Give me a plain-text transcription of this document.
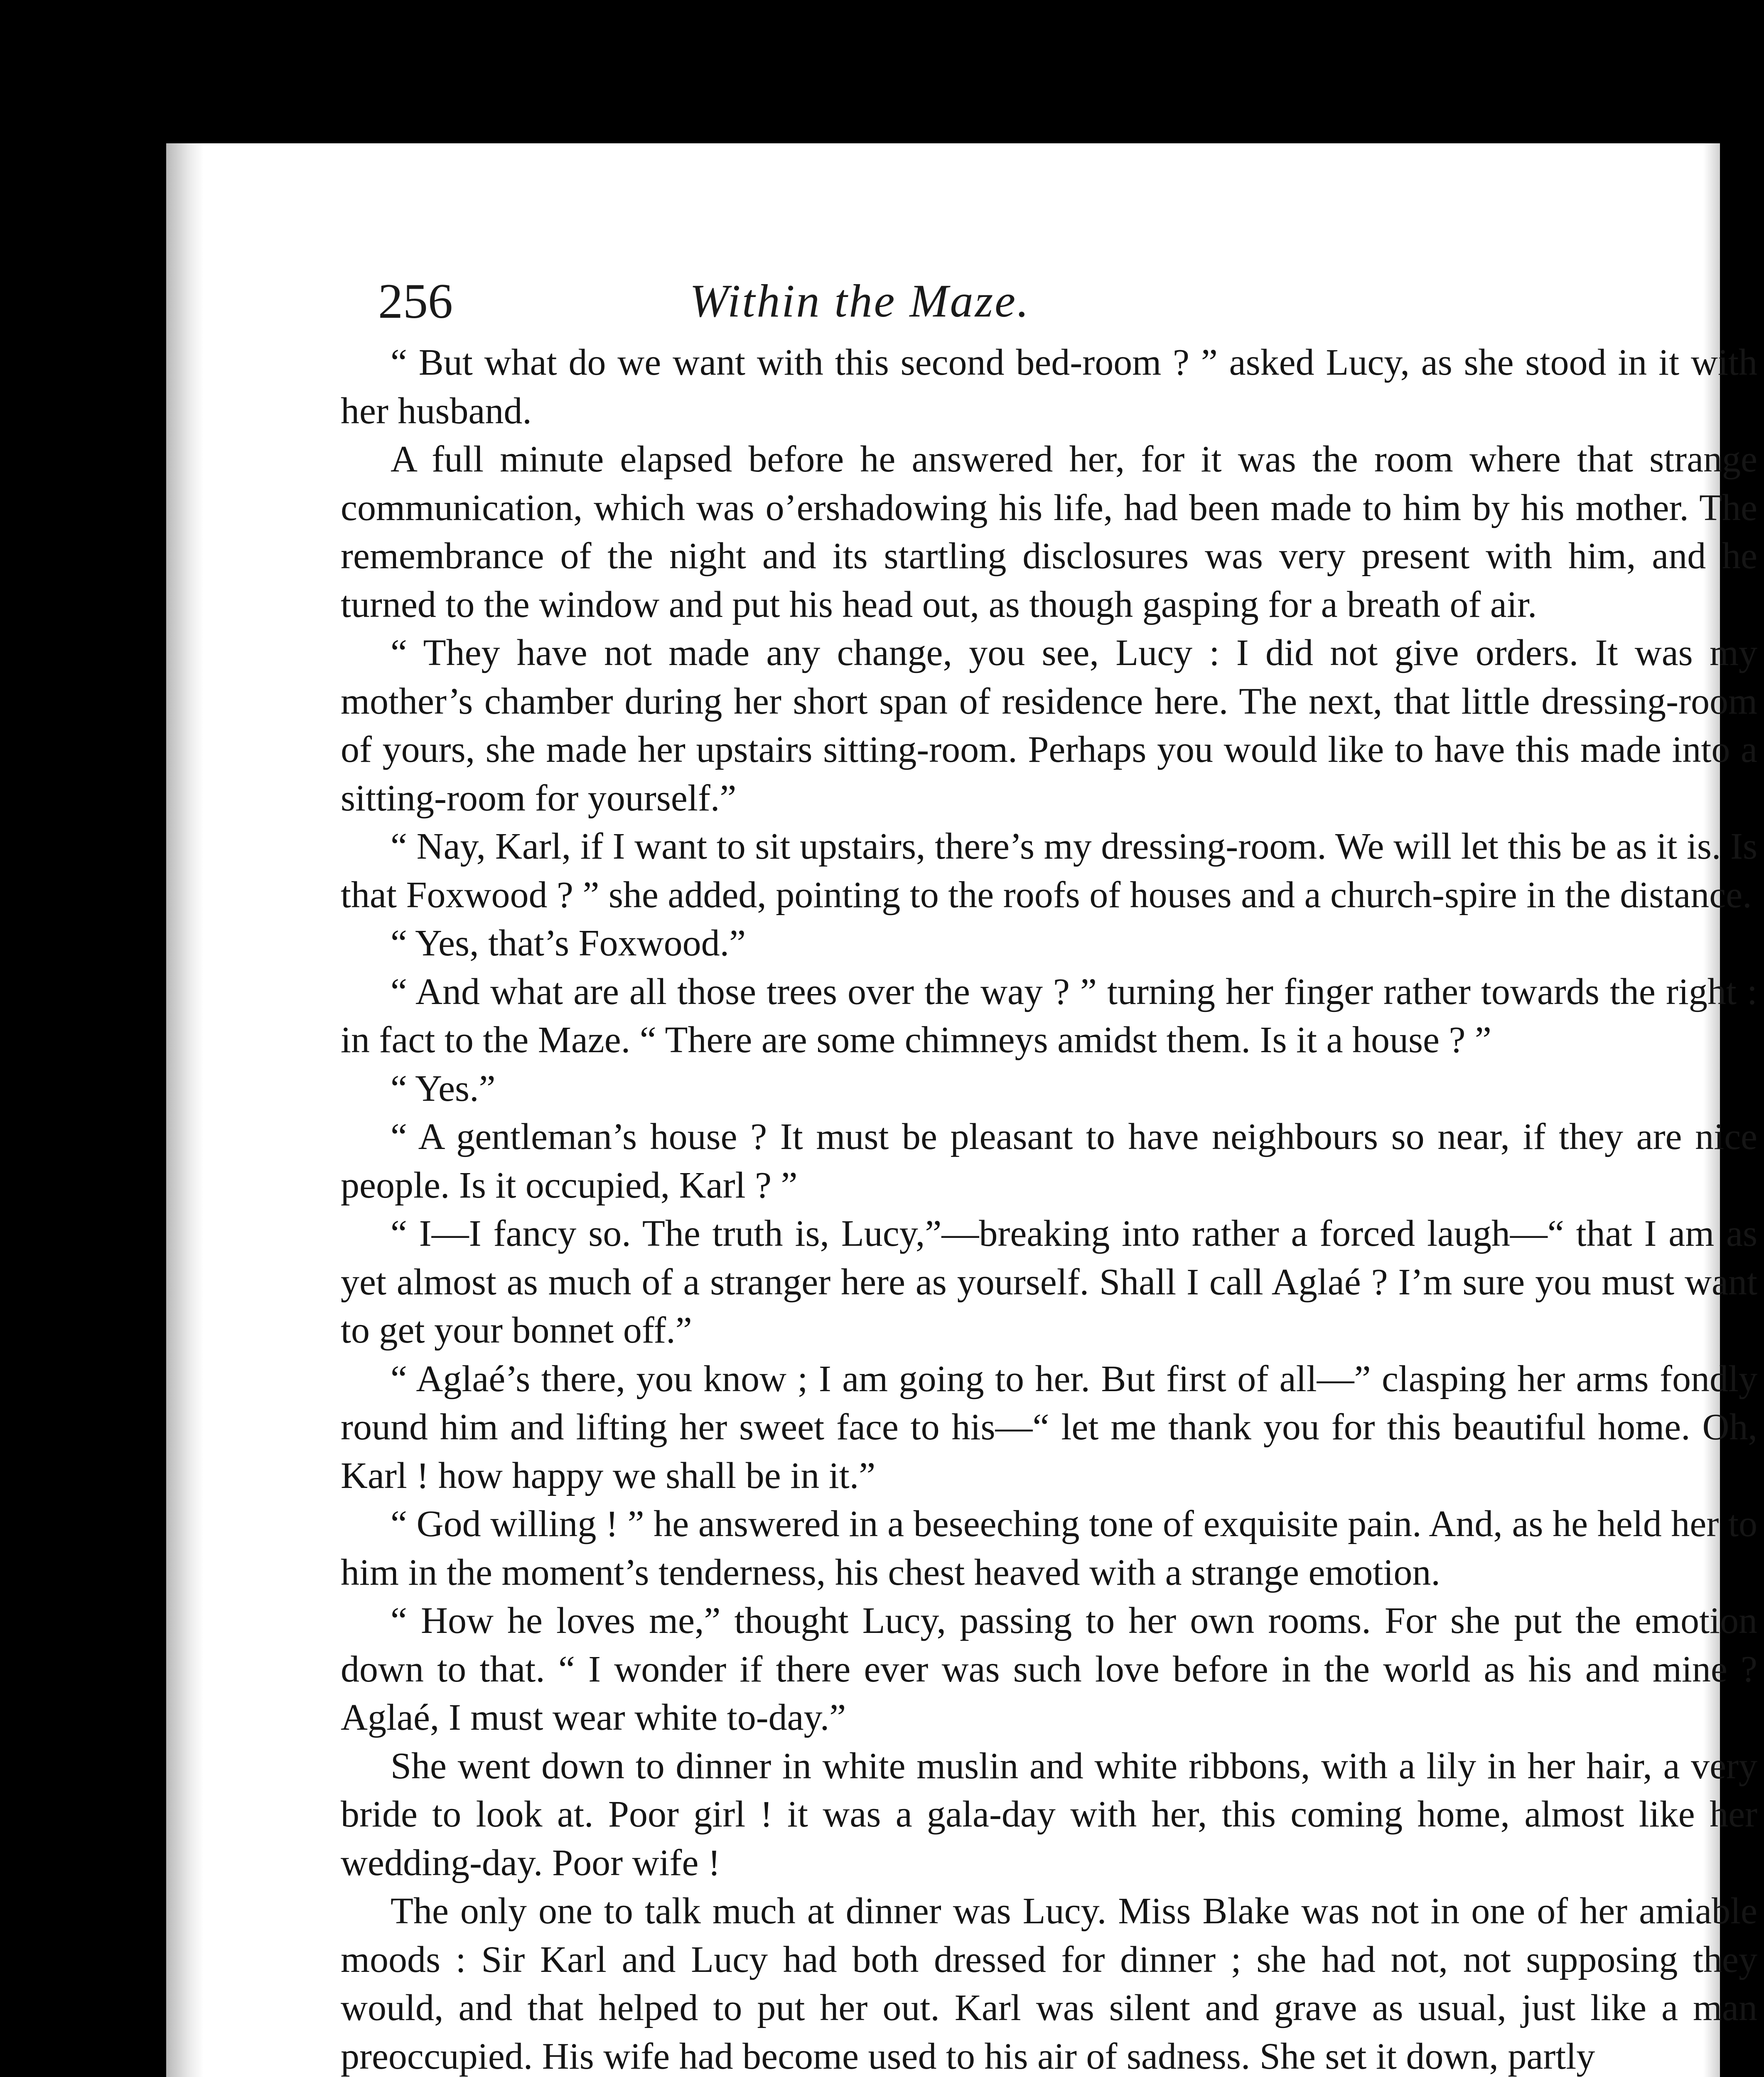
256	Within the Maze.

“ But what do we want with this second bed-room ? ” asked Lucy, as she stood in it with her husband.

A full minute elapsed before he answered her, for it was the room where that strange communication, which was o’ershadowing his life, had been made to him by his mother. The remembrance of the night and its startling disclosures was very present with him, and he turned to the window and put his head out, as though gasping for a breath of air.

“ They have not made any change, you see, Lucy : I did not give orders. It was my mother’s chamber during her short span of residence here. The next, that little dressing-room of yours, she made her upstairs sitting-room. Perhaps you would like to have this made into a sitting-room for yourself.”

“ Nay, Karl, if I want to sit upstairs, there’s my dressing-room. We will let this be as it is. Is that Foxwood ? ” she added, pointing to the roofs of houses and a church-spire in the distance.

“ Yes, that’s Foxwood.”

“ And what are all those trees over the way ? ” turning her finger rather towards the right : in fact to the Maze. “ There are some chimneys amidst them. Is it a house ? ”

“ Yes.”

“ A gentleman’s house ? It must be pleasant to have neighbours so near, if they are nice people. Is it occupied, Karl ? ”

“ I—I fancy so. The truth is, Lucy,”—breaking into rather a forced laugh—“ that I am as yet almost as much of a stranger here as yourself. Shall I call Aglaé ? I’m sure you must want to get your bonnet off.”

“ Aglaé’s there, you know ; I am going to her. But first of all—” clasping her arms fondly round him and lifting her sweet face to his—“ let me thank you for this beautiful home. Oh, Karl ! how happy we shall be in it.”

“ God willing ! ” he answered in a beseeching tone of exquisite pain. And, as he held her to him in the moment’s tenderness, his chest heaved with a strange emotion.

“ How he loves me,” thought Lucy, passing to her own rooms. For she put the emotion down to that. “ I wonder if there ever was such love before in the world as his and mine ? Aglaé, I must wear white to-day.”

She went down to dinner in white muslin and white ribbons, with a lily in her hair, a very bride to look at. Poor girl ! it was a gala-day with her, this coming home, almost like her wedding-day. Poor wife !

The only one to talk much at dinner was Lucy. Miss Blake was not in one of her amiable moods : Sir Karl and Lucy had both dressed for dinner ; she had not, not supposing they would, and that helped to put her out. Karl was silent and grave as usual, just like a man preoccupied. His wife had become used to his air of sadness. She set it down, partly
